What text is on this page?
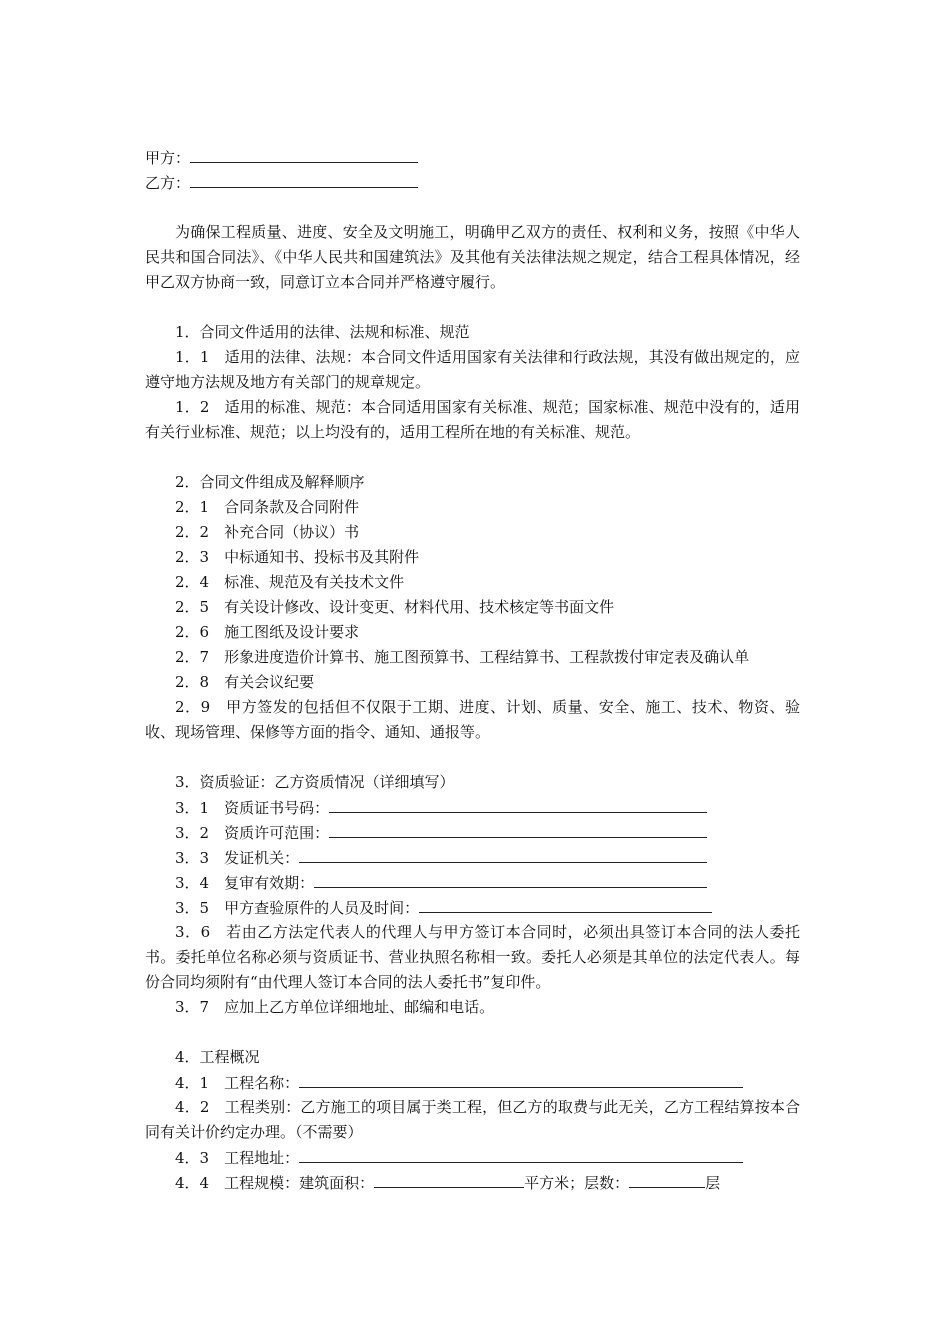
甲方：
乙方：

为确保工程质量、进度、安全及文明施工，明确甲乙双方的责任、权利和义务，按照《中华人民共和国合同法》、《中华人民共和国建筑法》及其他有关法律法规之规定，结合工程具体情况，经甲乙双方协商一致，同意订立本合同并严格遵守履行。

1．合同文件适用的法律、法规和标准、规范

1．1　适用的法律、法规：本合同文件适用国家有关法律和行政法规，其没有做出规定的，应遵守地方法规及地方有关部门的规章规定。

1．2　适用的标准、规范：本合同适用国家有关标准、规范；国家标准、规范中没有的，适用有关行业标准、规范；以上均没有的，适用工程所在地的有关标准、规范。

2．合同文件组成及解释顺序
2．1　合同条款及合同附件
2．2　补充合同（协议）书
2．3　中标通知书、投标书及其附件
2．4　标准、规范及有关技术文件
2．5　有关设计修改、设计变更、材料代用、技术核定等书面文件
2．6　施工图纸及设计要求

2．7　形象进度造价计算书、施工图预算书、工程结算书、工程款拨付审定表及确认单

2．8　有关会议纪要

2．9　甲方签发的包括但不仅限于工期、进度、计划、质量、安全、施工、技术、物资、验收、现场管理、保修等方面的指令、通知、通报等。

3．资质验证：乙方资质情况（详细填写）
3．1　资质证书号码：
3．2　资质许可范围：
3．3　发证机关：
3．4　复审有效期：
3．5　甲方查验原件的人员及时间：

3．6　若由乙方法定代表人的代理人与甲方签订本合同时，必须出具签订本合同的法人委托书。委托单位名称必须与资质证书、营业执照名称相一致。委托人必须是其单位的法定代表人。每份合同均须附有“由代理人签订本合同的法人委托书”复印件。

3．7　应加上乙方单位详细地址、邮编和电话。
4．工程概况
4．1　工程名称：

4．2　工程类别：乙方施工的项目属于类工程，但乙方的取费与此无关，乙方工程结算按本合同有关计价约定办理。（不需要）

4．3　工程地址：
4．4　工程规模：建筑面积：	平方米；层数：	层
